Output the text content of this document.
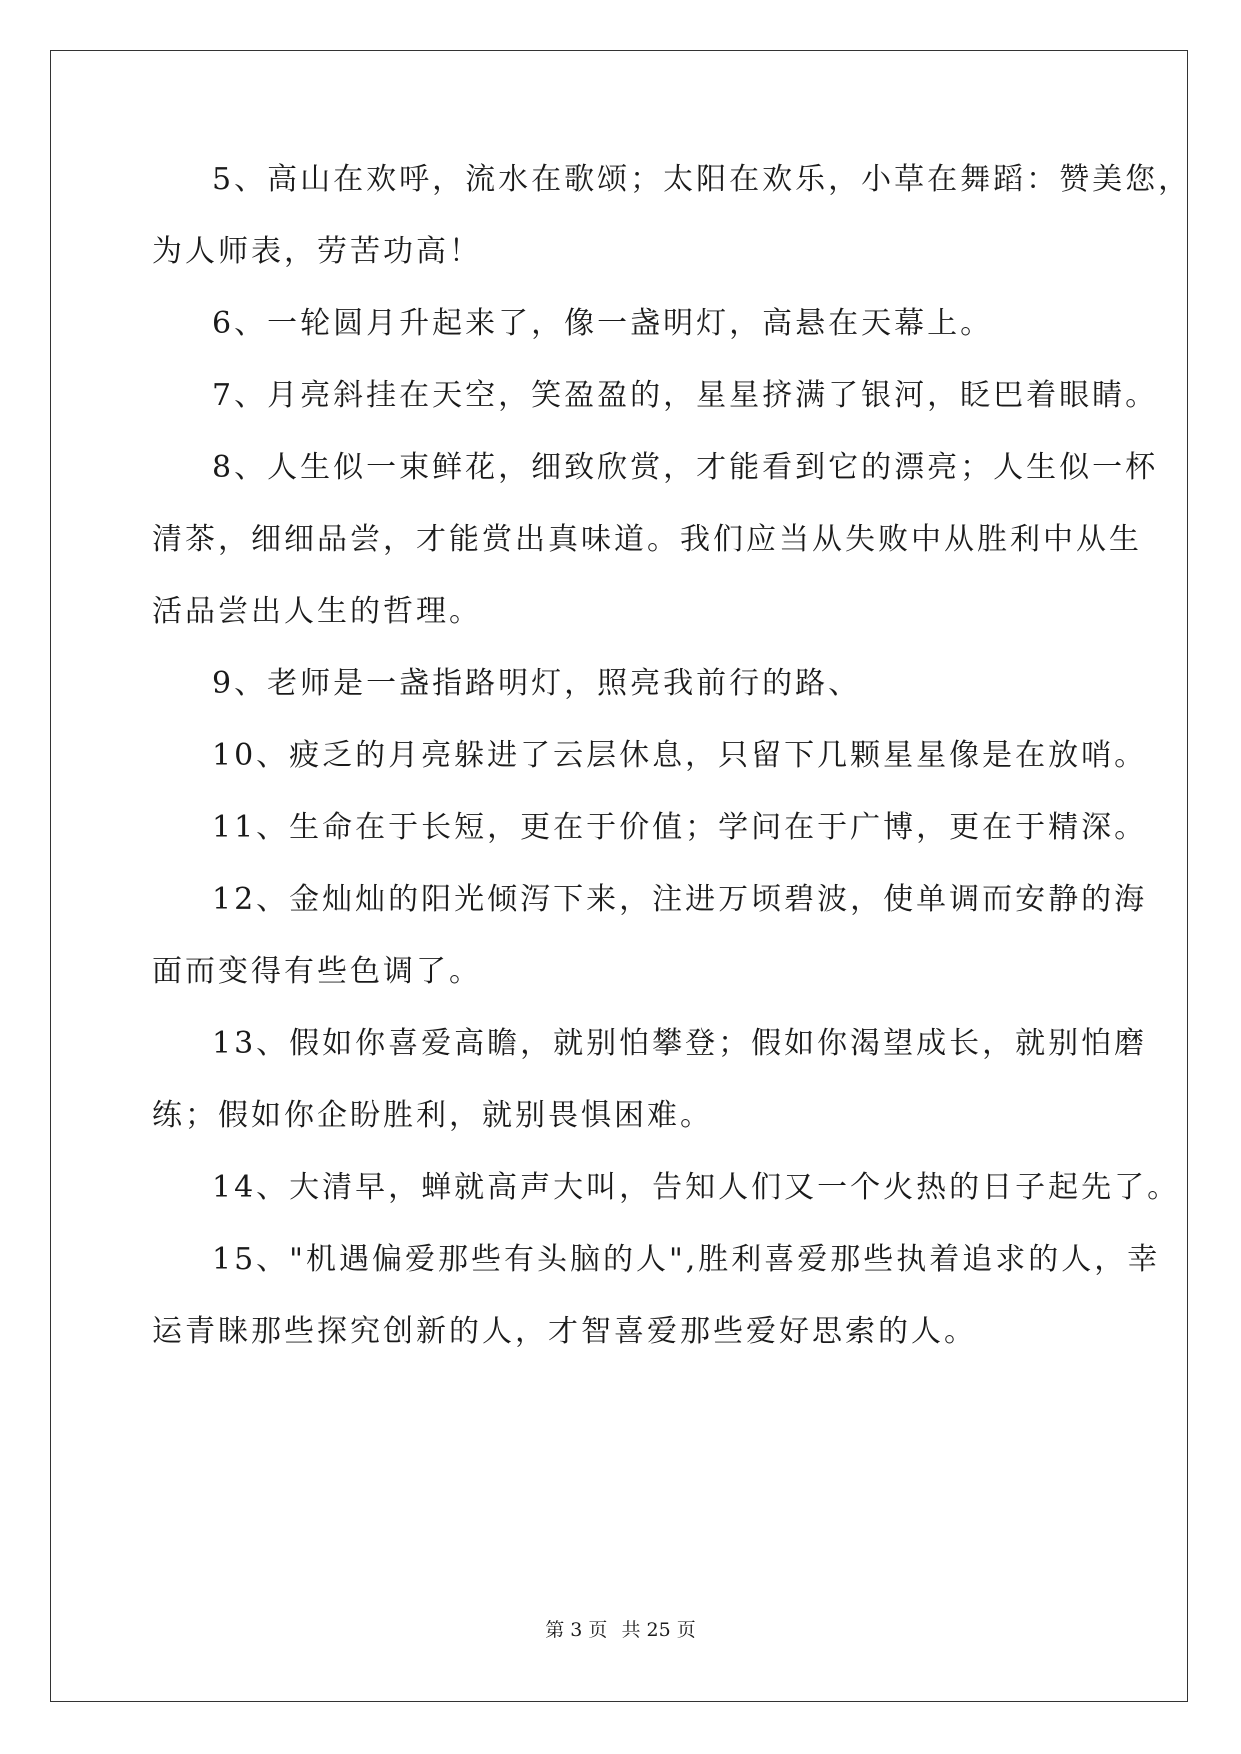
5、高山在欢呼，流水在歌颂；太阳在欢乐，小草在舞蹈：赞美您，
为人师表，劳苦功高！
6、一轮圆月升起来了，像一盏明灯，高悬在天幕上。
7、月亮斜挂在天空，笑盈盈的，星星挤满了银河，眨巴着眼睛。
8、人生似一束鲜花，细致欣赏，才能看到它的漂亮；人生似一杯
清茶，细细品尝，才能赏出真味道。我们应当从失败中从胜利中从生
活品尝出人生的哲理。
9、老师是一盏指路明灯，照亮我前行的路、
10、疲乏的月亮躲进了云层休息，只留下几颗星星像是在放哨。
11、生命在于长短，更在于价值；学问在于广博，更在于精深。
12、金灿灿的阳光倾泻下来，注进万顷碧波，使单调而安静的海
面而变得有些色调了。
13、假如你喜爱高瞻，就别怕攀登；假如你渴望成长，就别怕磨
练；假如你企盼胜利，就别畏惧困难。
14、大清早，蝉就高声大叫，告知人们又一个火热的日子起先了。
15、"机遇偏爱那些有头脑的人",胜利喜爱那些执着追求的人，幸
运青睐那些探究创新的人，才智喜爱那些爱好思索的人。
第 3 页 共 25 页
